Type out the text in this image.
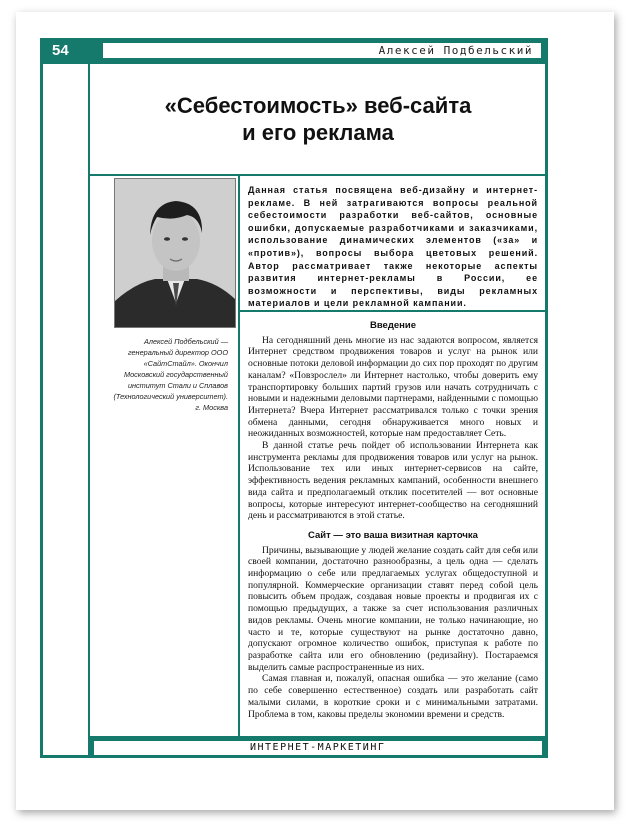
54	Алексей Подбельский
«Себестоимость» веб-сайта
и его реклама
Данная статья посвящена веб-дизайну и интернет-рекламе. В ней затрагиваются вопросы реальной себестоимости разработки веб-сайтов, основные ошибки, допускаемые разработчиками и заказчиками, использование динамических элементов («за» и «против»), вопросы выбора цветовых решений. Автор рассматривает также некоторые аспекты развития интернет-рекламы в России, ее возможности и перспективы, виды рекламных материалов и цели рекламной кампании.
Алексей Подбельский — генеральный директор ООО «СайтСтайл». Окончил Московский государственный институт Стали и Сплавов (Технологический университет). г. Москва
Введение

На сегодняшний день многие из нас задаются вопросом, является Интернет средством продвижения товаров и услуг на рынок или основные потоки деловой информации до сих пор проходят по другим каналам? «Повзрослел» ли Интернет настолько, чтобы доверить ему транспортировку больших партий грузов или начать сотрудничать с новыми и надежными деловыми партнерами, найденными с помощью Интернета? Вчера Интернет рассматривался только с точки зрения обмена данными, сегодня обнаруживается много новых и неожиданных возможностей, которые нам предоставляет Сеть.

В данной статье речь пойдет об использовании Интернета как инструмента рекламы для продвижения товаров или услуг на рынок. Использование тех или иных интернет-сервисов на сайте, эффективность ведения рекламных кампаний, особенности внешнего вида сайта и предполагаемый отклик посетителей — вот основные вопросы, которые интересуют интернет-сообщество на сегодняшний день и рассматриваются в этой статье.

Сайт — это ваша визитная карточка

Причины, вызывающие у людей желание создать сайт для себя или своей компании, достаточно разнообразны, а цель одна — сделать информацию о себе или предлагаемых услугах общедоступной и популярной. Коммерческие организации ставят перед собой цель повысить объем продаж, создавая новые проекты и продвигая их с помощью предыдущих, а также за счет использования различных видов рекламы. Очень многие компании, не только начинающие, но часто и те, которые существуют на рынке достаточно давно, допускают огромное количество ошибок, приступая к работе по разработке сайта или его обновлению (редизайну). Постараемся выделить самые распространенные из них.

Самая главная и, пожалуй, опасная ошибка — это желание (само по себе совершенно естественное) создать или разработать сайт малыми силами, в короткие сроки и с минимальными затратами. Проблема в том, каковы пределы экономии времени и средств.

ИНТЕРНЕТ-МАРКЕТИНГ
